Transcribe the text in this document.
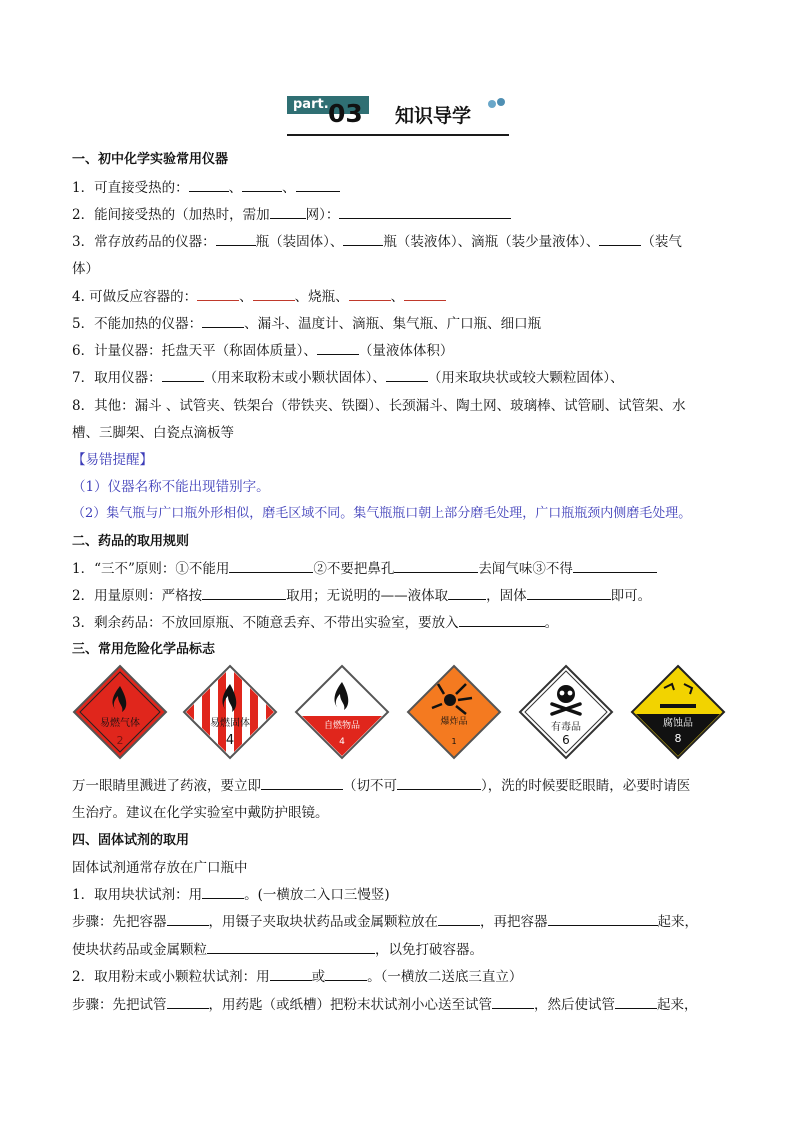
part. 03 知识导学
一、初中化学实验常用仪器
1．可直接受热的：	、	、
2．能间接受热的（加热时，需加	网）：
3．常存放药品的仪器：	瓶（装固体）、	瓶（装液体）、滴瓶（装少量液体）、	（装气
体）
4. 可做反应容器的：	、	、烧瓶、	、
5．不能加热的仪器：	、漏斗、温度计、滴瓶、集气瓶、广口瓶、细口瓶
6．计量仪器：托盘天平（称固体质量）、	（量液体体积）
7．取用仪器：	（用来取粉末或小颗状固体）、	（用来取块状或较大颗粒固体）、
8．其他：漏斗 、试管夹、铁架台（带铁夹、铁圈）、长颈漏斗、陶土网、玻璃棒、试管刷、试管架、水
槽、三脚架、白瓷点滴板等
【易错提醒】
（1）仪器名称不能出现错别字。
（2）集气瓶与广口瓶外形相似，磨毛区域不同。集气瓶瓶口朝上部分磨毛处理，广口瓶瓶颈内侧磨毛处理。
二、药品的取用规则
1．“三不”原则：①不能用	②不要把鼻孔	去闻气味③不得
2．用量原则：严格按	取用；无说明的——液体取	，固体	即可。
3．剩余药品：不放回原瓶、不随意丢弃、不带出实验室，要放入	。
三、常用危险化学品标志
易燃气体
2
易燃固体
4
自燃物品
4
爆炸品
1
有毒品
6
腐蚀品
8
万一眼睛里溅进了药液，要立即	（切不可	），洗的时候要眨眼睛，必要时请医
生治疗。建议在化学实验室中戴防护眼镜。
四、固体试剂的取用
固体试剂通常存放在广口瓶中
1．取用块状试剂：用	。(一横放二入口三慢竖)
步骤：先把容器	，用镊子夹取块状药品或金属颗粒放在	，再把容器	起来，
使块状药品或金属颗粒	，以免打破容器。
2．取用粉末或小颗粒状试剂：用	或	。（一横放二送底三直立）
步骤：先把试管	，用药匙（或纸槽）把粉末状试剂小心送至试管	，然后使试管	起来，
